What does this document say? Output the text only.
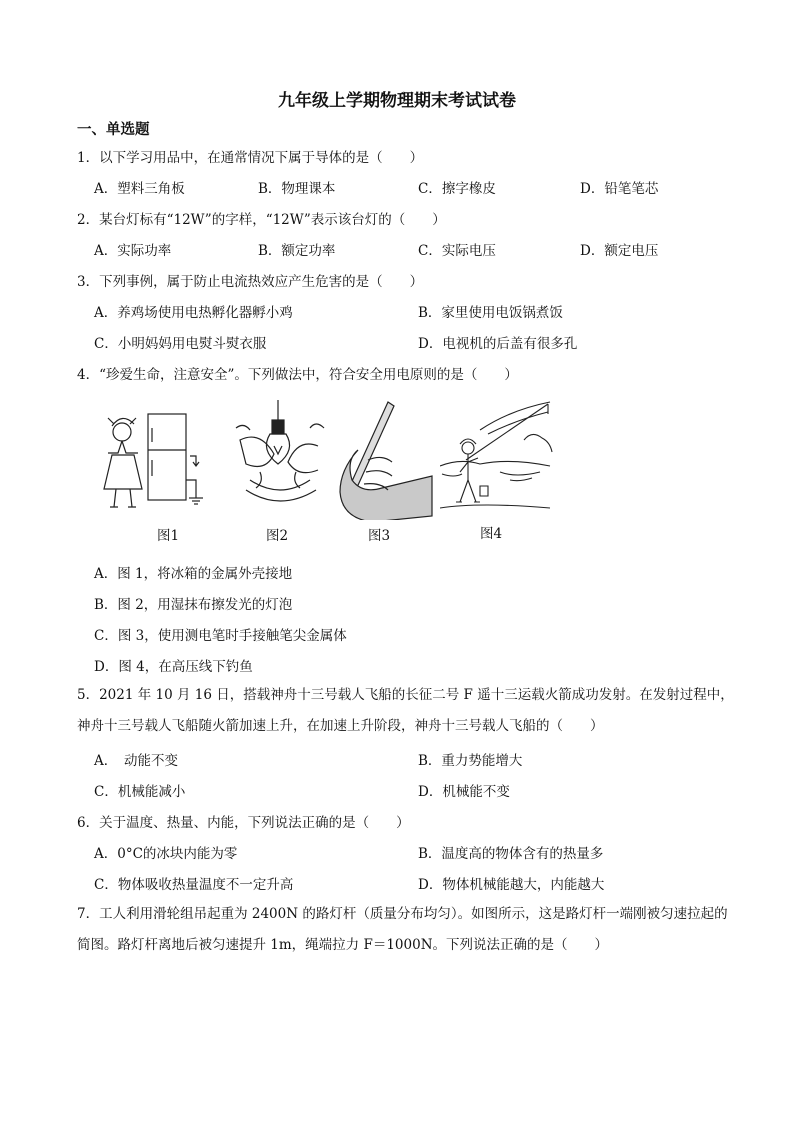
九年级上学期物理期末考试试卷
一、单选题
1．以下学习用品中，在通常情况下属于导体的是（　　）
A．塑料三角板	B．物理课本	C．擦字橡皮	D．铅笔笔芯
2．某台灯标有“12W”的字样，“12W”表示该台灯的（　　）
A．实际功率	B．额定功率	C．实际电压	D．额定电压
3．下列事例，属于防止电流热效应产生危害的是（　　）
A．养鸡场使用电热孵化器孵小鸡	B．家里使用电饭锅煮饭
C．小明妈妈用电熨斗熨衣服	D．电视机的后盖有很多孔
4．“珍爱生命，注意安全”。下列做法中，符合安全用电原则的是（　　）
图1	图2	图3	图4
A．图 1，将冰箱的金属外壳接地
B．图 2，用湿抹布擦发光的灯泡
C．图 3，使用测电笔时手接触笔尖金属体
D．图 4，在高压线下钓鱼
5．2021 年 10 月 16 日，搭载神舟十三号载人飞船的长征二号 F 遥十三运载火箭成功发射。在发射过程中，神舟十三号载人飞船随火箭加速上升，在加速上升阶段，神舟十三号载人飞船的（　　）
A．　动能不变	B．重力势能增大
C．机械能减小	D．机械能不变
6．关于温度、热量、内能，下列说法正确的是（　　）
A．0°C的冰块内能为零	B．温度高的物体含有的热量多
C．物体吸收热量温度不一定升高	D．物体机械能越大，内能越大
7．工人利用滑轮组吊起重为 2400N 的路灯杆（质量分布均匀）。如图所示，这是路灯杆一端刚被匀速拉起的简图。路灯杆离地后被匀速提升 1m，绳端拉力 F＝1000N。下列说法正确的是（　　）
